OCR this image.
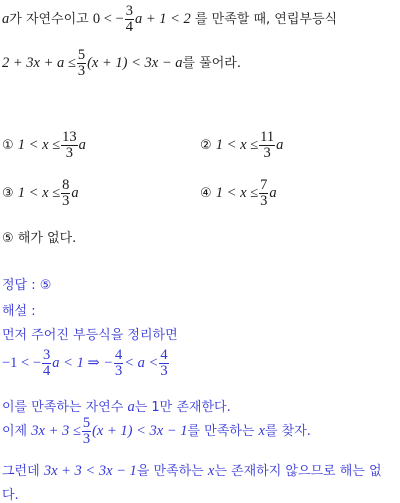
a가 자연수이고 0 < − $\frac{3}{4}$ a + 1 < 2 를 만족할 때, 연립부등식
$2 + 3x + a \le \frac{5}{3} (x + 1) < 3x - a$를 풀어라.
① $1 < x \le \frac{13}{3}$ a	② $1 < x \le \frac{11}{3}$ a
③ $1 < x \le \frac{8}{3}$ a	④ $1 < x \le \frac{7}{3}$ a
⑤ 해가 없다.
정답 : ⑤
해설 :
먼저 주어진 부등식을 정리하면
−1 < − $\frac{3}{4}$ a < 1 ⇒ − $\frac{4}{3} < a < \frac{4}{3}$
이를 만족하는 자연수 a는 1만 존재한다.
이제 $3x + 3 \le \frac{5}{3} (x + 1) < 3x - 1$를 만족하는 x를 찾자.
그런데 3x + 3 < 3x − 1을 만족하는 x는 존재하지 않으므로 해는 없
다.
